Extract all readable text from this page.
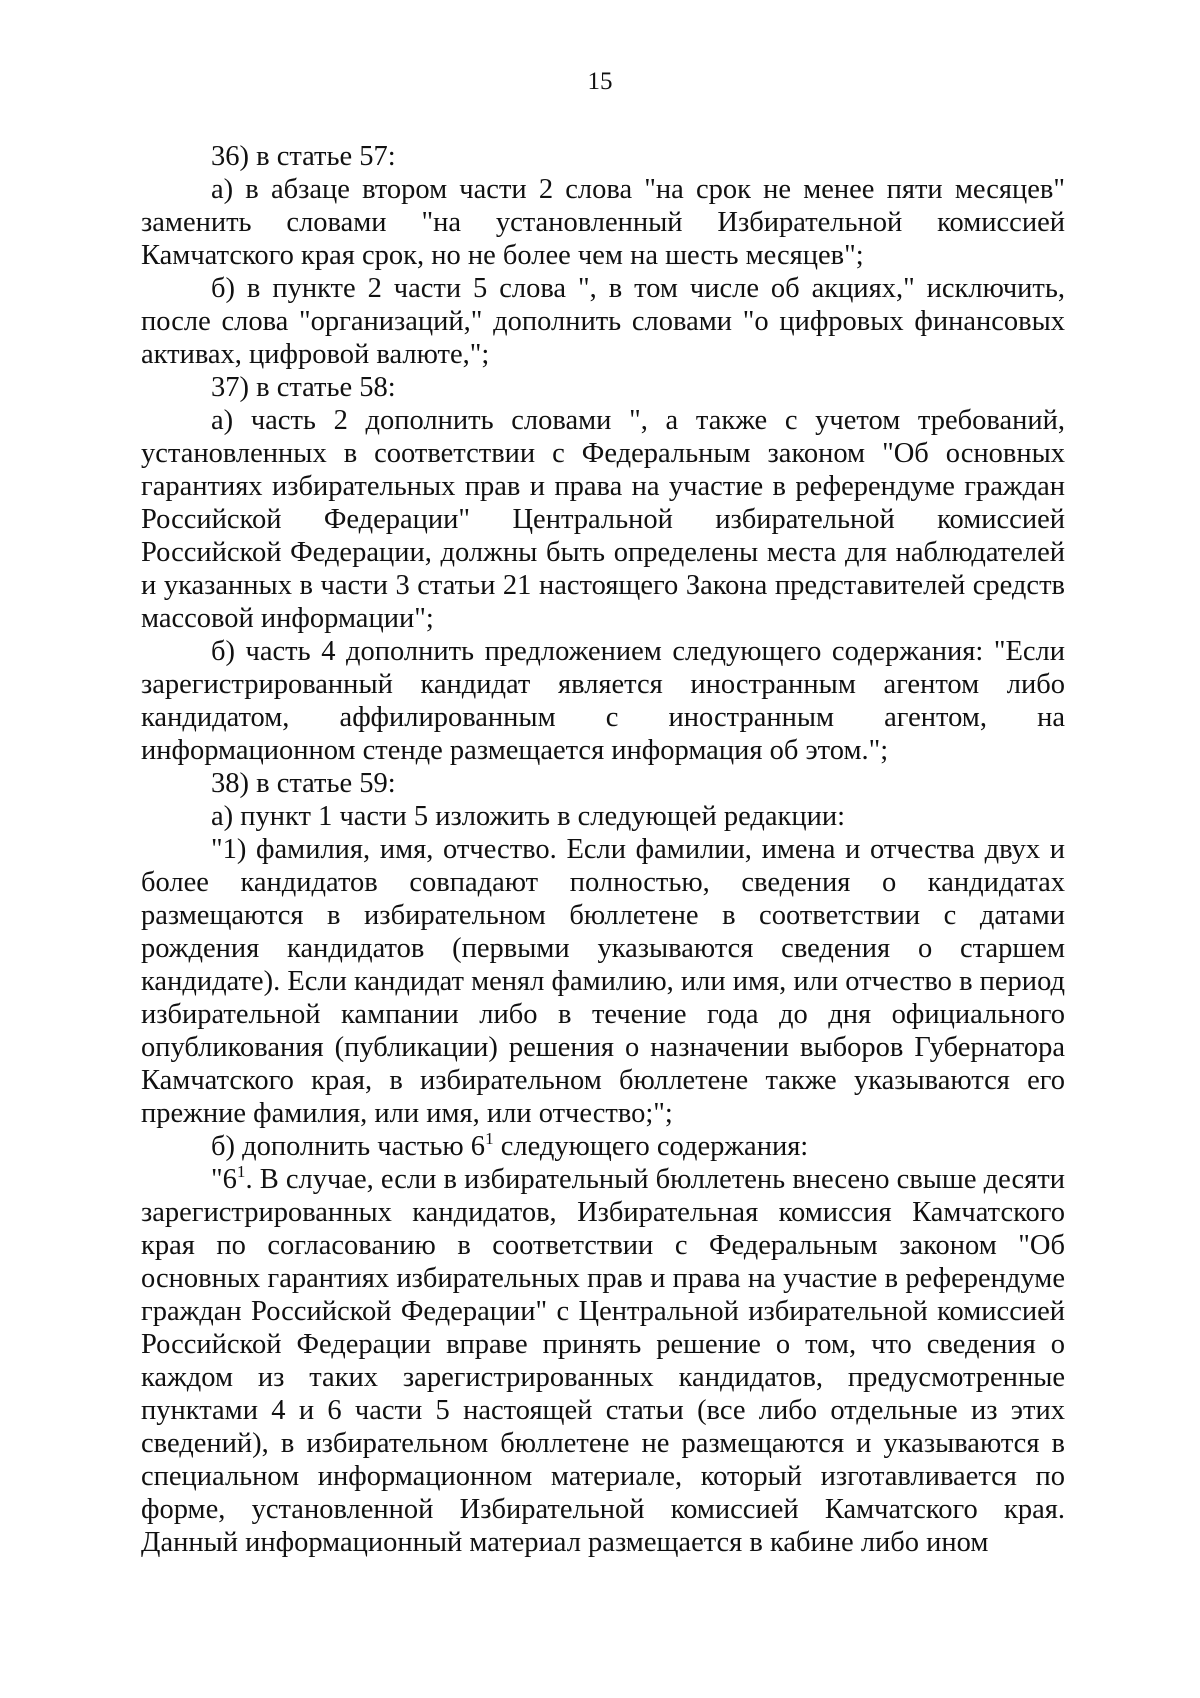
15

36) в статье 57:

а) в абзаце втором части 2 слова "на срок не менее пяти месяцев" заменить словами "на установленный Избирательной комиссией Камчатского края срок, но не более чем на шесть месяцев";

б) в пункте 2 части 5 слова ", в том числе об акциях," исключить, после слова "организаций," дополнить словами "о цифровых финансовых активах, цифровой валюте,";

37) в статье 58:

а) часть 2 дополнить словами ", а также с учетом требований, установленных в соответствии с Федеральным законом "Об основных гарантиях избирательных прав и права на участие в референдуме граждан Российской Федерации" Центральной избирательной комиссией Российской Федерации, должны быть определены места для наблюдателей и указанных в части 3 статьи 21 настоящего Закона представителей средств массовой информации";

б) часть 4 дополнить предложением следующего содержания: "Если зарегистрированный кандидат является иностранным агентом либо кандидатом, аффилированным с иностранным агентом, на информационном стенде размещается информация об этом.";

38) в статье 59:

а) пункт 1 части 5 изложить в следующей редакции:

"1) фамилия, имя, отчество. Если фамилии, имена и отчества двух и более кандидатов совпадают полностью, сведения о кандидатах размещаются в избирательном бюллетене в соответствии с датами рождения кандидатов (первыми указываются сведения о старшем кандидате). Если кандидат менял фамилию, или имя, или отчество в период избирательной кампании либо в течение года до дня официального опубликования (публикации) решения о назначении выборов Губернатора Камчатского края, в избирательном бюллетене также указываются его прежние фамилия, или имя, или отчество;";

б) дополнить частью $6^1$ следующего содержания:

"$6^1$. В случае, если в избирательный бюллетень внесено свыше десяти зарегистрированных кандидатов, Избирательная комиссия Камчатского края по согласованию в соответствии с Федеральным законом "Об основных гарантиях избирательных прав и права на участие в референдуме граждан Российской Федерации" с Центральной избирательной комиссией Российской Федерации вправе принять решение о том, что сведения о каждом из таких зарегистрированных кандидатов, предусмотренные пунктами 4 и 6 части 5 настоящей статьи (все либо отдельные из этих сведений), в избирательном бюллетене не размещаются и указываются в специальном информационном материале, который изготавливается по форме, установленной Избирательной комиссией Камчатского края. Данный информационный материал размещается в кабине либо ином
